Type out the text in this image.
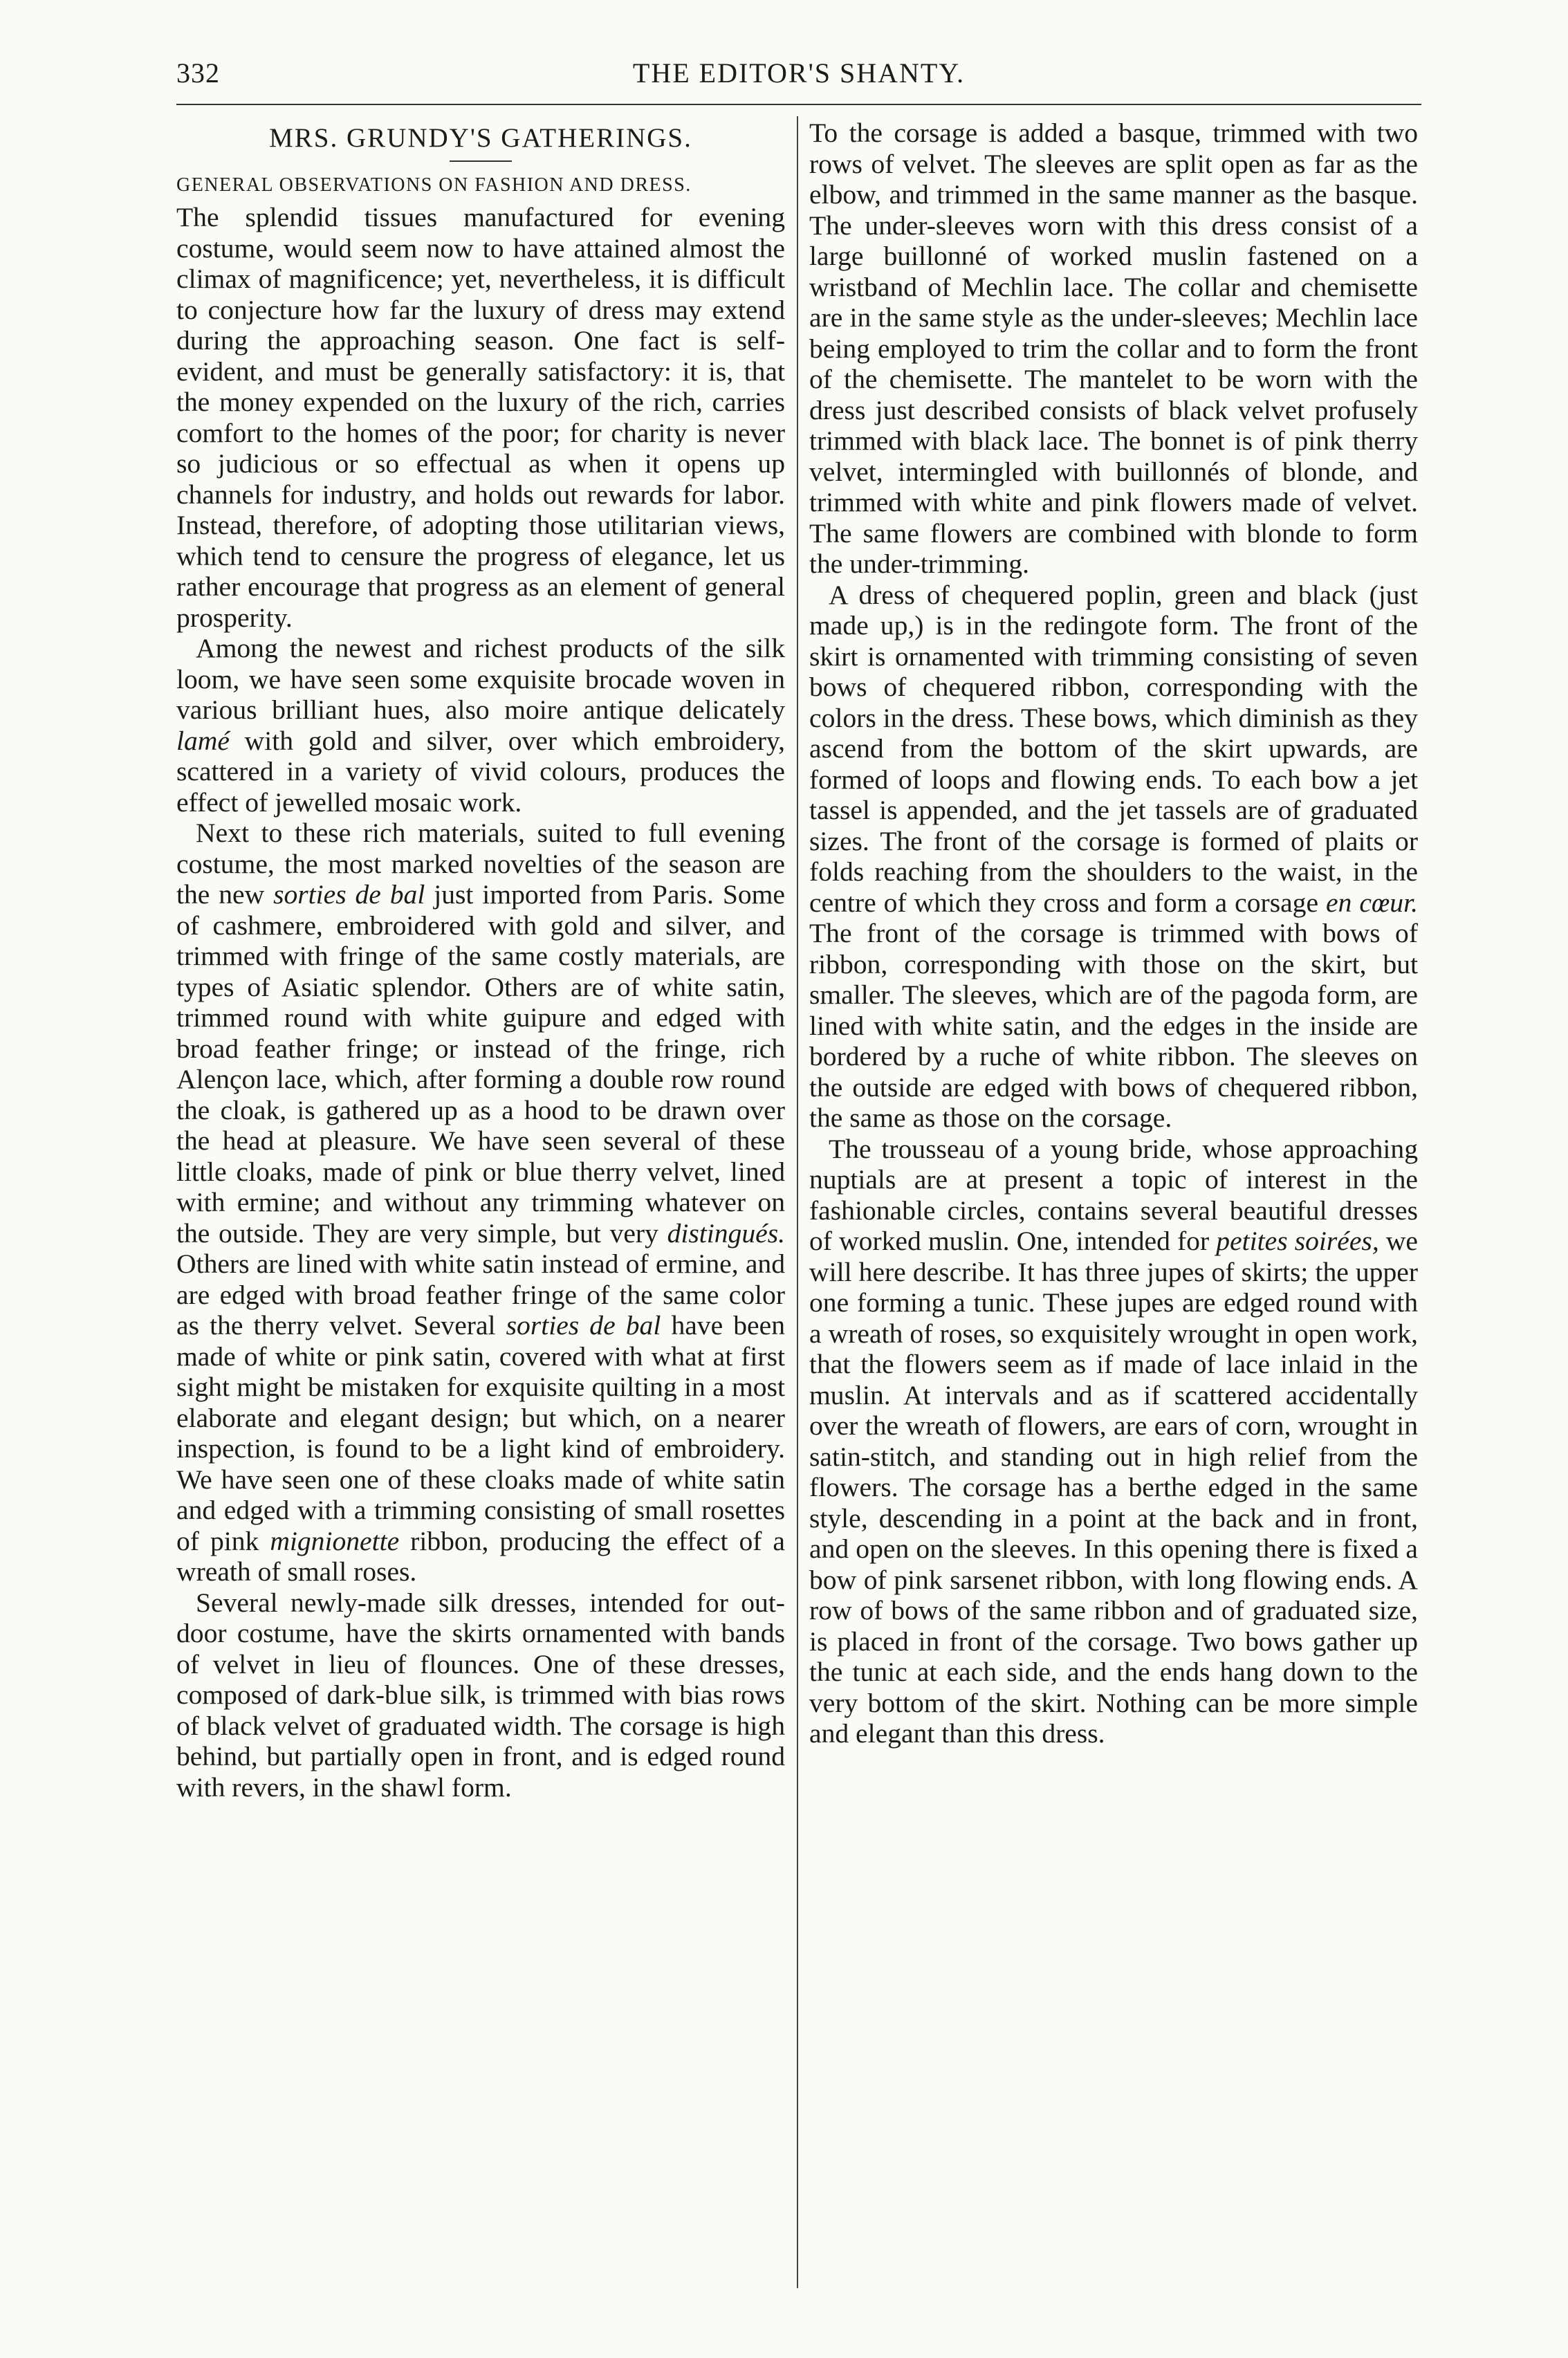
332	THE EDITOR'S SHANTY.
MRS. GRUNDY'S GATHERINGS.
GENERAL OBSERVATIONS ON FASHION AND DRESS.

The splendid tissues manufactured for evening costume, would seem now to have attained almost the climax of magnificence; yet, nevertheless, it is difficult to conjecture how far the luxury of dress may extend during the approaching season. One fact is self-evident, and must be generally satisfactory: it is, that the money expended on the luxury of the rich, carries comfort to the homes of the poor; for charity is never so judicious or so effectual as when it opens up channels for industry, and holds out rewards for labor. Instead, therefore, of adopting those utilitarian views, which tend to censure the progress of elegance, let us rather encourage that progress as an element of general prosperity.

Among the newest and richest products of the silk loom, we have seen some exquisite brocade woven in various brilliant hues, also moire antique delicately lamé with gold and silver, over which embroidery, scattered in a variety of vivid colours, produces the effect of jewelled mosaic work.

Next to these rich materials, suited to full evening costume, the most marked novelties of the season are the new sorties de bal just imported from Paris. Some of cashmere, embroidered with gold and silver, and trimmed with fringe of the same costly materials, are types of Asiatic splendor. Others are of white satin, trimmed round with white guipure and edged with broad feather fringe; or instead of the fringe, rich Alençon lace, which, after forming a double row round the cloak, is gathered up as a hood to be drawn over the head at pleasure. We have seen several of these little cloaks, made of pink or blue therry velvet, lined with ermine; and without any trimming whatever on the outside. They are very simple, but very distingués. Others are lined with white satin instead of ermine, and are edged with broad feather fringe of the same color as the therry velvet. Several sorties de bal have been made of white or pink satin, covered with what at first sight might be mistaken for exquisite quilting in a most elaborate and elegant design; but which, on a nearer inspection, is found to be a light kind of embroidery. We have seen one of these cloaks made of white satin and edged with a trimming consisting of small rosettes of pink mignionette ribbon, producing the effect of a wreath of small roses.

Several newly-made silk dresses, intended for out-door costume, have the skirts ornamented with bands of velvet in lieu of flounces. One of these dresses, composed of dark-blue silk, is trimmed with bias rows of black velvet of graduated width. The corsage is high behind, but partially open in front, and is edged round with revers, in the shawl form.

To the corsage is added a basque, trimmed with two rows of velvet. The sleeves are split open as far as the elbow, and trimmed in the same manner as the basque. The under-sleeves worn with this dress consist of a large buillonné of worked muslin fastened on a wristband of Mechlin lace. The collar and chemisette are in the same style as the under-sleeves; Mechlin lace being employed to trim the collar and to form the front of the chemisette. The mantelet to be worn with the dress just described consists of black velvet profusely trimmed with black lace. The bonnet is of pink therry velvet, intermingled with buillonnés of blonde, and trimmed with white and pink flowers made of velvet. The same flowers are combined with blonde to form the under-trimming.

A dress of chequered poplin, green and black (just made up,) is in the redingote form. The front of the skirt is ornamented with trimming consisting of seven bows of chequered ribbon, corresponding with the colors in the dress. These bows, which diminish as they ascend from the bottom of the skirt upwards, are formed of loops and flowing ends. To each bow a jet tassel is appended, and the jet tassels are of graduated sizes. The front of the corsage is formed of plaits or folds reaching from the shoulders to the waist, in the centre of which they cross and form a corsage en cœur. The front of the corsage is trimmed with bows of ribbon, corresponding with those on the skirt, but smaller. The sleeves, which are of the pagoda form, are lined with white satin, and the edges in the inside are bordered by a ruche of white ribbon. The sleeves on the outside are edged with bows of chequered ribbon, the same as those on the corsage.

The trousseau of a young bride, whose approaching nuptials are at present a topic of interest in the fashionable circles, contains several beautiful dresses of worked muslin. One, intended for petites soirées, we will here describe. It has three jupes of skirts; the upper one forming a tunic. These jupes are edged round with a wreath of roses, so exquisitely wrought in open work, that the flowers seem as if made of lace inlaid in the muslin. At intervals and as if scattered accidentally over the wreath of flowers, are ears of corn, wrought in satin-stitch, and standing out in high relief from the flowers. The corsage has a berthe edged in the same style, descending in a point at the back and in front, and open on the sleeves. In this opening there is fixed a bow of pink sarsenet ribbon, with long flowing ends. A row of bows of the same ribbon and of graduated size, is placed in front of the corsage. Two bows gather up the tunic at each side, and the ends hang down to the very bottom of the skirt. Nothing can be more simple and elegant than this dress.
